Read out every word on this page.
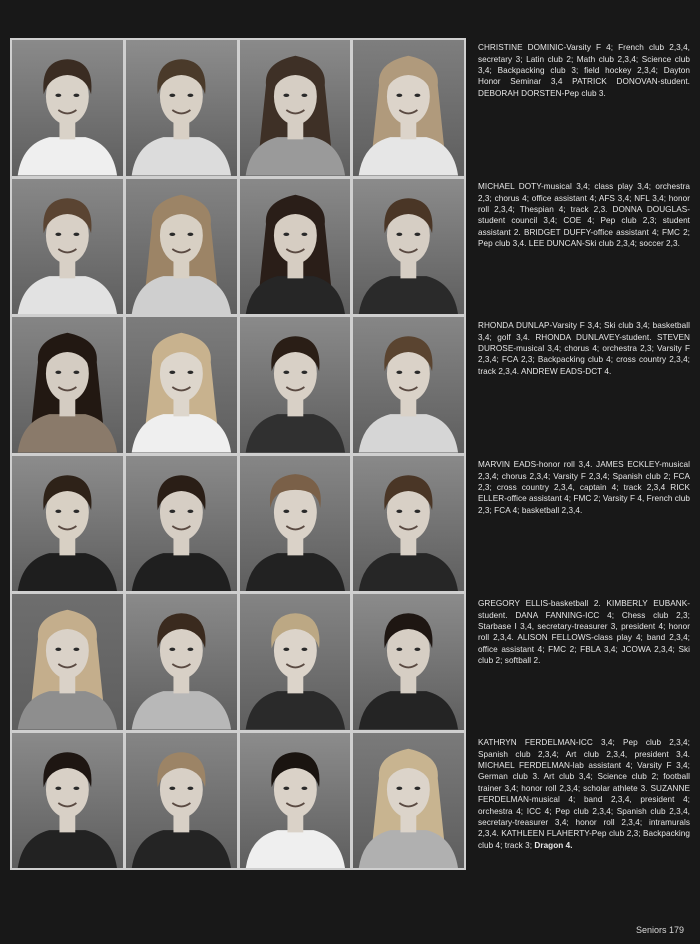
CHRISTINE DOMINIC-Varsity F 4; French club 2,3,4, secretary 3; Latin club 2; Math club 2,3,4; Science club 3,4; Backpacking club 3; field hockey 2,3,4; Dayton Honor Seminar 3,4 PATRICK DONOVAN-student. DEBORAH DORSTEN-Pep club 3.

MICHAEL DOTY-musical 3,4; class play 3,4; orchestra 2,3; chorus 4; office assistant 4; AFS 3,4; NFL 3,4; honor roll 2,3,4; Thespian 4; track 2,3. DONNA DOUGLAS-student council 3,4; COE 4; Pep club 2,3; student assistant 2. BRIDGET DUFFY-office assistant 4; FMC 2; Pep club 3,4. LEE DUNCAN-Ski club 2,3,4; soccer 2,3.

RHONDA DUNLAP-Varsity F 3,4; Ski club 3,4; basketball 3,4; golf 3,4. RHONDA DUNLAVEY-student. STEVEN DUROSE-musical 3,4; chorus 4; orchestra 2,3; Varsity F 2,3,4; FCA 2,3; Backpacking club 4; cross country 2,3,4; track 2,3,4. ANDREW EADS-DCT 4.

MARVIN EADS-honor roll 3,4. JAMES ECKLEY-musical 2,3,4; chorus 2,3,4; Varsity F 2,3,4; Spanish club 2; FCA 2,3; cross country 2,3,4, captain 4; track 2,3,4 RICK ELLER-office assistant 4; FMC 2; Varsity F 4, French club 2,3; FCA 4; basketball 2,3,4.

GREGORY ELLIS-basketball 2. KIMBERLY EUBANK-student. DANA FANNING-ICC 4; Chess club 2,3; Starbase I 3,4, secretary-treasurer 3, president 4; honor roll 2,3,4. ALISON FELLOWS-class play 4; band 2,3,4; office assistant 4; FMC 2; FBLA 3,4; JCOWA 2,3,4; Ski club 2; softball 2.

KATHRYN FERDELMAN-ICC 3,4; Pep club 2,3,4; Spanish club 2,3,4; Art club 2,3,4, president 3,4. MICHAEL FERDELMAN-lab assistant 4; Varsity F 3,4; German club 3. Art club 3,4; Science club 2; football trainer 3,4; honor roll 2,3,4; scholar athlete 3. SUZANNE FERDELMAN-musical 4; band 2,3,4, president 4; orchestra 4; ICC 4; Pep club 2,3,4; Spanish club 2,3,4, secretary-treasurer 3,4; honor roll 2,3,4; intramurals 2,3,4. KATHLEEN FLAHERTY-Pep club 2,3; Backpacking club 4; track 3; Dragon 4.

Seniors 179
